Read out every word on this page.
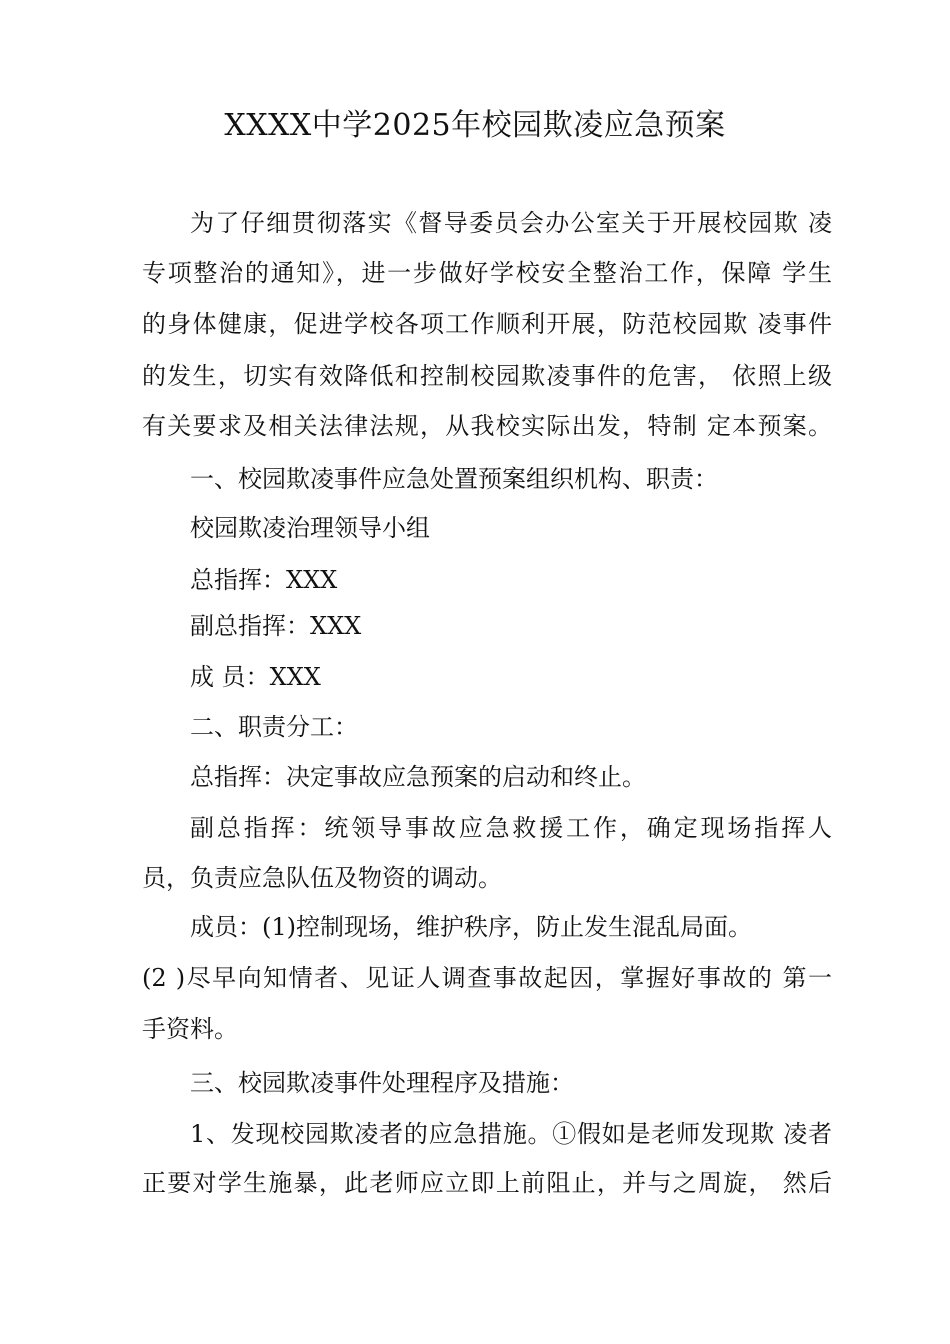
XXXX中学2025年校园欺凌应急预案
为了仔细贯彻落实《督导委员会办公室关于开展校园欺 凌
专项整治的通知》，进一步做好学校安全整治工作，保障 学生
的身体健康，促进学校各项工作顺利开展，防范校园欺 凌事件
的发生，切实有效降低和控制校园欺凌事件的危害， 依照上级
有关要求及相关法律法规，从我校实际出发，特制 定本预案。
一、校园欺凌事件应急处置预案组织机构、职责：
校园欺凌治理领导小组
总指挥：XXX
副总指挥：XXX
成 员：XXX
二、职责分工：
总指挥：决定事故应急预案的启动和终止。
副总指挥：统领导事故应急救援工作，确定现场指挥人
员，负责应急队伍及物资的调动。
成员：(1)控制现场，维护秩序，防止发生混乱局面。
(2 )尽早向知情者、见证人调查事故起因，掌握好事故的 第一
手资料。
三、校园欺凌事件处理程序及措施：
1、发现校园欺凌者的应急措施。①假如是老师发现欺 凌者
正要对学生施暴，此老师应立即上前阻止，并与之周旋， 然后
